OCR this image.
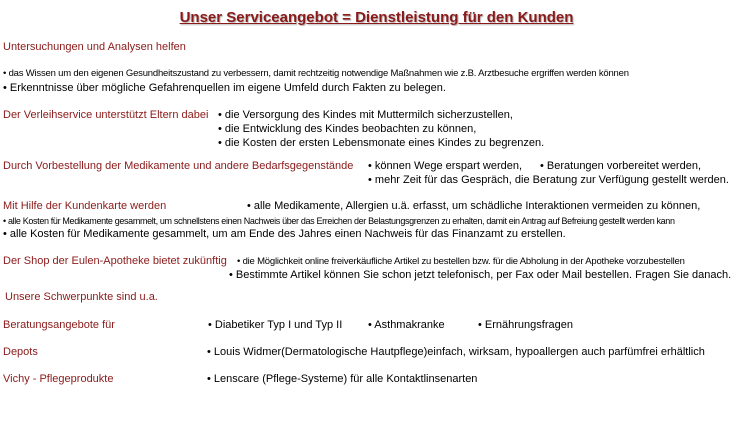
Unser Serviceangebot = Dienstleistung für den Kunden
Untersuchungen und Analysen helfen
• das Wissen um den eigenen Gesundheitszustand zu verbessern, damit rechtzeitig notwendige Maßnahmen wie z.B. Arztbesuche ergriffen werden können
• Erkenntnisse über mögliche Gefahrenquellen im eigene Umfeld durch Fakten zu belegen.
Der Verleihservice unterstützt Eltern dabei • die Versorgung des Kindes mit Muttermilch sicherzustellen,
• die Entwicklung des Kindes beobachten zu können,
• die Kosten der ersten Lebensmonate eines Kindes zu begrenzen.
Durch Vorbestellung der Medikamente und andere Bedarfsgegenstände • können Wege erspart werden, • Beratungen vorbereitet werden,
• mehr Zeit für das Gespräch, die Beratung zur Verfügung gestellt werden.
Mit Hilfe der Kundenkarte werden	• alle Medikamente, Allergien u.ä. erfasst, um schädliche Interaktionen vermeiden zu können,
• alle Kosten für Medikamente gesammelt, um schnellstens einen Nachweis über das Erreichen der Belastungsgrenzen zu erhalten, damit ein Antrag auf Befreiung gestellt werden kann
• alle Kosten für Medikamente gesammelt, um am Ende des Jahres einen Nachweis für das Finanzamt zu erstellen.
Der Shop der Eulen-Apotheke bietet zukünftig • die Möglichkeit online freiverkäufliche Artikel zu bestellen bzw. für die Abholung in der Apotheke vorzubestellen
• Bestimmte Artikel können Sie schon jetzt telefonisch, per Fax oder Mail bestellen. Fragen Sie danach.
Unsere Schwerpunkte sind u.a.
Beratungsangebote für	• Diabetiker Typ I und Typ II • Asthmakranke	• Ernährungsfragen
Depots	• Louis Widmer(Dermatologische Hautpflege)einfach, wirksam, hypoallergen auch parfümfrei erhältlich
Vichy - Pflegeprodukte	• Lenscare (Pflege-Systeme) für alle Kontaktlinsenarten
